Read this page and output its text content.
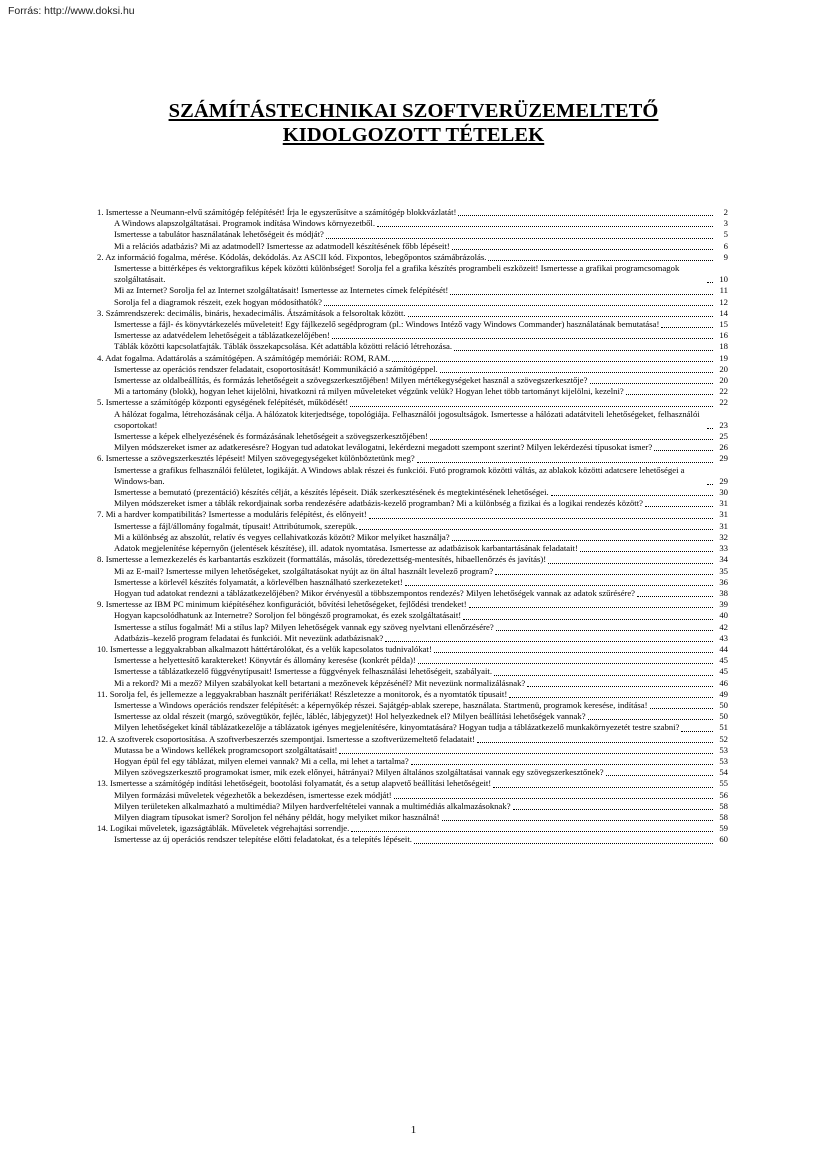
Forrás: http://www.doksi.hu
SZÁMÍTÁSTECHNIKAI SZOFTVERÜZEMELTETŐ
KIDOLGOZOTT TÉTELEK
1. Ismertesse a Neumann-elvű számítógép felépítését! Írja le egyszerűsítve a számítógép blokkvázlatát!	2
A Windows alapszolgáltatásai. Programok indítása Windows környezetből.	3
Ismertesse a tabulátor használatának lehetőségeit és módját?	5
Mi a relációs adatbázis? Mi az adatmodell? Ismertesse az adatmodell készítésének főbb lépéseit!	6
2. Az információ fogalma, mérése. Kódolás, dekódolás. Az ASCII kód. Fixpontos, lebegőpontos számábrázolás.	9
Ismertesse a bittérképes és vektorgrafikus képek közötti különbséget! Sorolja fel a grafika készítés programbeli eszközeit! Ismertesse a grafikai programcsomagok szolgáltatásait.	10
Mi az Internet? Sorolja fel az Internet szolgáltatásait! Ismertesse az Internetes címek felépítését!	11
Sorolja fel a diagramok részeit, ezek hogyan módosíthatók?	12
3. Számrendszerek: decimális, bináris, hexadecimális. Átszámítások a felsoroltak között.	14
Ismertesse a fájl- és könyvtárkezelés műveleteit! Egy fájlkezelő segédprogram (pl.: Windows Intéző vagy Windows Commander) használatának bemutatása!	15
Ismertesse az adatvédelem lehetőségeit a táblázatkezelőjében!	16
Táblák közötti kapcsolatfajták. Táblák összekapcsolása. Két adattábla közötti reláció létrehozása.	18
4. Adat fogalma. Adattárolás a számítógépen. A számítógép memóriái: ROM, RAM.	19
Ismertesse az operációs rendszer feladatait, csoportosítását! Kommunikáció a számítógéppel.	20
Ismertesse az oldalbeállítás, és formázás lehetőségeit a szövegszerkesztőjében! Milyen mértékegységeket használ a szövegszerkesztője?	20
Mi a tartomány (blokk), hogyan lehet kijelölni, hivatkozni rá milyen műveleteket végzünk velük? Hogyan lehet több tartományt kijelölni, kezelni?	22
5. Ismertesse a számítógép központi egységének felépítését, működését!	22
A hálózat fogalma, létrehozásának célja. A hálózatok kiterjedtsége, topológiája. Felhasználói jogosultságok. Ismertesse a hálózati adatátviteli lehetőségeket, felhasználói csoportokat!	23
Ismertesse a képek elhelyezésének és formázásának lehetőségeit a szövegszerkesztőjében!	25
Milyen módszereket ismer az adatkeresésre? Hogyan tud adatokat leválogatni, lekérdezni megadott szempont szerint? Milyen lekérdezési típusokat ismer?	26
6. Ismertesse a szövegszerkesztés lépéseit! Milyen szövegegységeket különböztetünk meg?	29
Ismertesse a grafikus felhasználói felületet, logikáját. A Windows ablak részei és funkciói. Futó programok közötti váltás, az ablakok közötti adatcsere lehetőségei a Windows-ban.	29
Ismertesse a bemutató (prezentáció) készítés célját, a készítés lépéseit. Diák szerkesztésének és megtekintésének lehetőségei.	30
Milyen módszereket ismer a táblák rekordjainak sorba rendezésére adatbázis-kezelő programban? Mi a különbség a fizikai és a logikai rendezés között?	31
7. Mi a hardver kompatibilitás? Ismertesse a moduláris felépítést, és előnyeit!	31
Ismertesse a fájl/állomány fogalmát, típusait! Attribútumok, szerepük.	31
Mi a különbség az abszolút, relatív és vegyes cellahivatkozás között? Mikor melyiket használja?	32
Adatok megjelenítése képernyőn (jelentések készítése), ill. adatok nyomtatása. Ismertesse az adatbázisok karbantartásának feladatait!	33
8. Ismertesse a lemezkezelés és karbantartás eszközeit (formattálás, másolás, töredezettség-mentesítés, hibaellenőrzés és javítás)!	34
Mi az E-mail? Ismertesse milyen lehetőségeket, szolgáltatásokat nyújt az ön által használt levelező program?	35
Ismertesse a körlevél készítés folyamatát, a körlevélben használható szerkezeteket!	36
Hogyan tud adatokat rendezni a táblázatkezelőjében? Mikor érvényesül a többszempontos rendezés? Milyen lehetőségek vannak az adatok szűrésére?	38
9. Ismertesse az IBM PC minimum kiépítéséhez konfigurációt, bővítési lehetőségeket, fejlődési trendeket!	39
Hogyan kapcsolódhatunk az Internetre? Soroljon fel böngésző programokat, és ezek szolgáltatásait!	40
Ismertesse a stílus fogalmát! Mi a stílus lap? Milyen lehetőségek vannak egy szöveg nyelvtani ellenőrzésére?	42
Adatbázis–kezelő program feladatai és funkciói. Mit nevezünk adatbázisnak?	43
10. Ismertesse a leggyakrabban alkalmazott háttértárolókat, és a velük kapcsolatos tudnivalókat!	44
Ismertesse a helyettesítő karaktereket! Könyvtár és állomány keresése (konkrét példa)!	45
Ismertesse a táblázatkezelő függvénytípusait! Ismertesse a függvények felhasználási lehetőségeit, szabályait.	45
Mi a rekord? Mi a mező? Milyen szabályokat kell betartani a mezőnevek képzésénél? Mit nevezünk normalizálásnak?	46
11. Sorolja fel, és jellemezze a leggyakrabban használt perifériákat! Részletezze a monitorok, és a nyomtatók típusait!	49
Ismertesse a Windows operációs rendszer felépítését: a képernyőkép részei. Sajátgép-ablak szerepe, használata. Startmenü, programok keresése, indítása!	50
Ismertesse az oldal részeit (margó, szövegtükör, fejléc, lábléc, lábjegyzet)! Hol helyezkednek el? Milyen beállítási lehetőségek vannak?	50
Milyen lehetőségeket kínál táblázatkezelője a táblázatok igényes megjelenítésére, kinyomtatására? Hogyan tudja a táblázatkezelő munkakörnyezetét testre szabni?	51
12. A szoftverek csoportosítása. A szoftverbeszerzés szempontjai. Ismertesse a szoftverüzemeltető feladatait!	52
Mutassa be a Windows kellékek programcsoport szolgáltatásait!	53
Hogyan épül fel egy táblázat, milyen elemei vannak? Mi a cella, mi lehet a tartalma?	53
Milyen szövegszerkesztő programokat ismer, mik ezek előnyei, hátrányai? Milyen általános szolgáltatásai vannak egy szövegszerkesztőnek?	54
13. Ismertesse a számítógép indítási lehetőségeit, bootolási folyamatát, és a setup alapvető beállítási lehetőségeit!	55
Milyen formázási műveletek végezhetők a bekezdésen, ismertesse ezek módját!	56
Milyen területeken alkalmazható a multimédia? Milyen hardverfeltételei vannak a multimédiás alkalmazásoknak?	58
Milyen diagram típusokat ismer? Soroljon fel néhány példát, hogy melyiket mikor használná!	58
14. Logikai műveletek, igazságtáblák. Műveletek végrehajtási sorrendje.	59
Ismertesse az új operációs rendszer telepítése előtti feladatokat, és a telepítés lépéseit.	60
1
